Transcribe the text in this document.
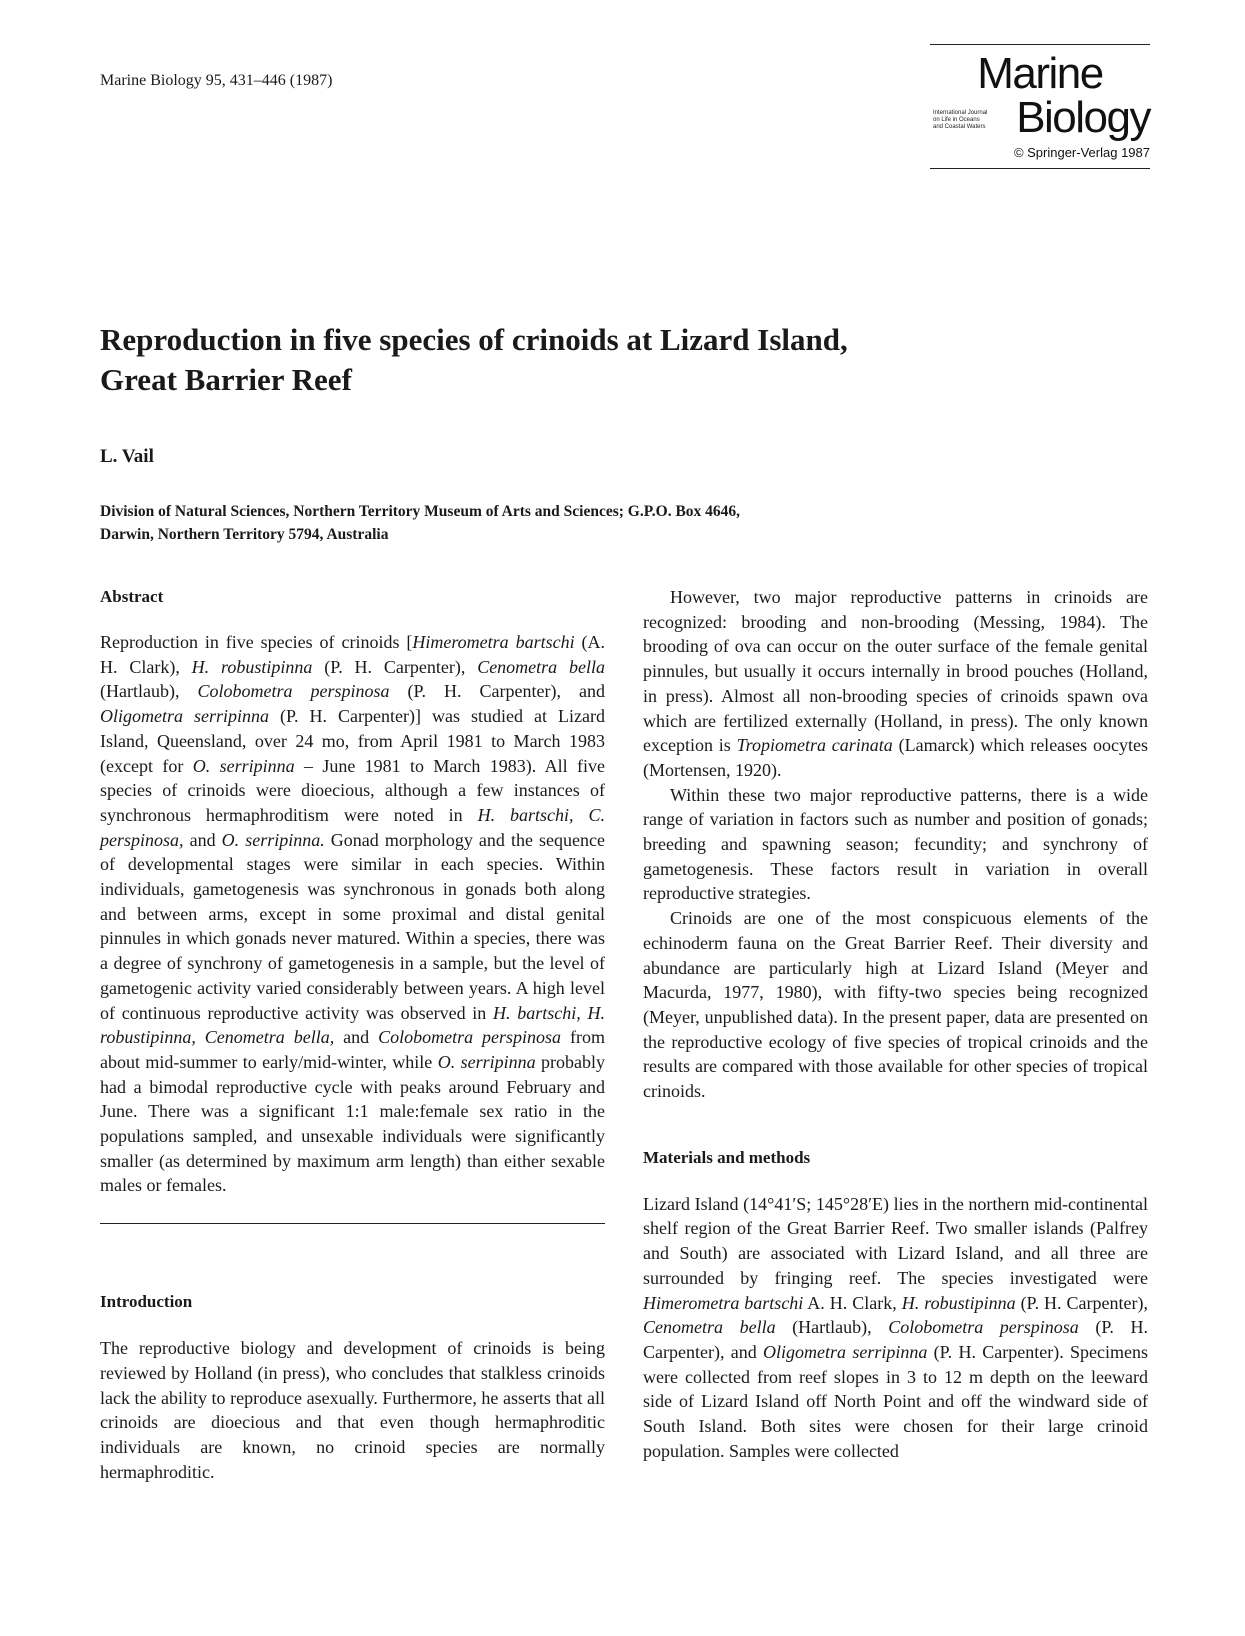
Marine Biology 95, 431–446 (1987)	Marine
International Journal
on Life in Oceans
and Coastal Waters Biology
© Springer-Verlag 1987
Reproduction in five species of crinoids at Lizard Island,
Great Barrier Reef

L. Vail

Division of Natural Sciences, Northern Territory Museum of Arts and Sciences; G.P.O. Box 4646,
Darwin, Northern Territory 5794, Australia

Abstract

Reproduction in five species of crinoids [Himerometra bartschi (A. H. Clark), H. robustipinna (P. H. Carpenter), Cenometra bella (Hartlaub), Colobometra perspinosa (P. H. Carpenter), and Oligometra serripinna (P. H. Carpenter)] was studied at Lizard Island, Queensland, over 24 mo, from April 1981 to March 1983 (except for O. serripinna – June 1981 to March 1983). All five species of crinoids were dioecious, although a few instances of synchronous hermaphroditism were noted in H. bartschi, C. perspinosa, and O. serripinna. Gonad morphology and the sequence of developmental stages were similar in each species. Within individuals, gametogenesis was synchronous in gonads both along and between arms, except in some proximal and distal genital pinnules in which gonads never matured. Within a species, there was a degree of synchrony of gametogenesis in a sample, but the level of gametogenic activity varied considerably between years. A high level of continuous reproductive activity was observed in H. bartschi, H. robustipinna, Cenometra bella, and Colobometra perspinosa from about mid-summer to early/mid-winter, while O. serripinna probably had a bimodal reproductive cycle with peaks around February and June. There was a significant 1:1 male:female sex ratio in the populations sampled, and unsexable individuals were significantly smaller (as determined by maximum arm length) than either sexable males or females.

Introduction

The reproductive biology and development of crinoids is being reviewed by Holland (in press), who concludes that stalkless crinoids lack the ability to reproduce asexually. Furthermore, he asserts that all crinoids are dioecious and that even though hermaphroditic individuals are known, no crinoid species are normally hermaphroditic.

However, two major reproductive patterns in crinoids are recognized: brooding and non-brooding (Messing, 1984). The brooding of ova can occur on the outer surface of the female genital pinnules, but usually it occurs internally in brood pouches (Holland, in press). Almost all non-brooding species of crinoids spawn ova which are fertilized externally (Holland, in press). The only known exception is Tropiometra carinata (Lamarck) which releases oocytes (Mortensen, 1920).

Within these two major reproductive patterns, there is a wide range of variation in factors such as number and position of gonads; breeding and spawning season; fecundity; and synchrony of gametogenesis. These factors result in variation in overall reproductive strategies.

Crinoids are one of the most conspicuous elements of the echinoderm fauna on the Great Barrier Reef. Their diversity and abundance are particularly high at Lizard Island (Meyer and Macurda, 1977, 1980), with fifty-two species being recognized (Meyer, unpublished data). In the present paper, data are presented on the reproductive ecology of five species of tropical crinoids and the results are compared with those available for other species of tropical crinoids.

Materials and methods

Lizard Island (14°41′S; 145°28′E) lies in the northern mid-continental shelf region of the Great Barrier Reef. Two smaller islands (Palfrey and South) are associated with Lizard Island, and all three are surrounded by fringing reef. The species investigated were Himerometra bartschi A. H. Clark, H. robustipinna (P. H. Carpenter), Cenometra bella (Hartlaub), Colobometra perspinosa (P. H. Carpenter), and Oligometra serripinna (P. H. Carpenter). Specimens were collected from reef slopes in 3 to 12 m depth on the leeward side of Lizard Island off North Point and off the windward side of South Island. Both sites were chosen for their large crinoid population. Samples were collected
